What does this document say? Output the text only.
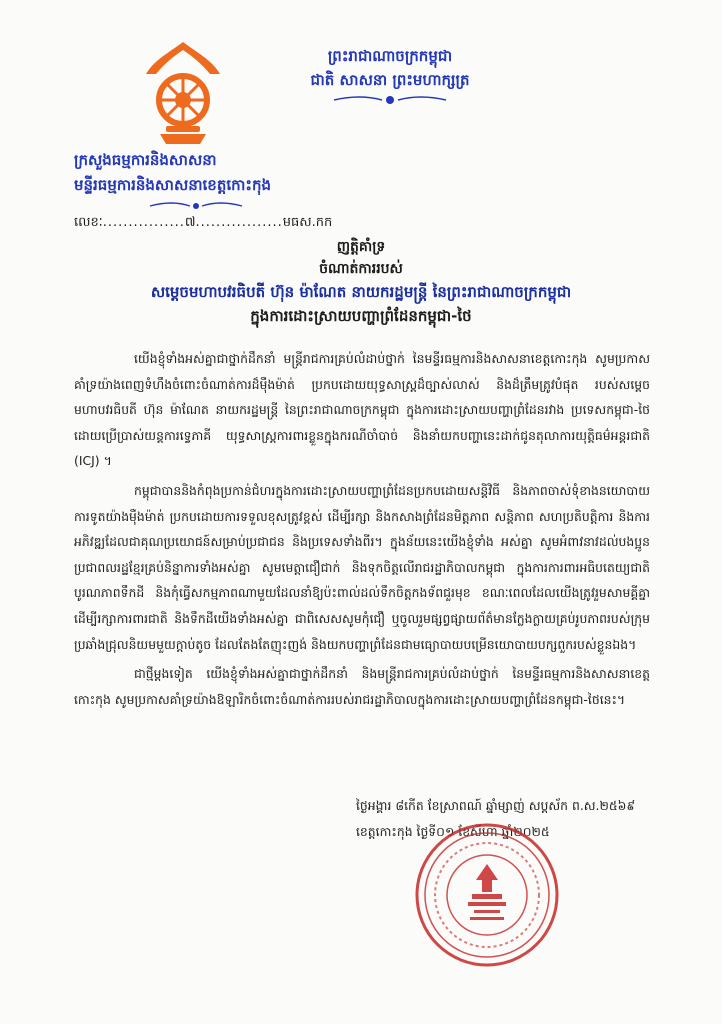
ព្រះរាជាណាចក្រកម្ពុជា
ជាតិ សាសនា ព្រះមហាក្សត្រ
ក្រសួងធម្មការនិងសាសនា
មន្ទីរធម្មការនិងសាសនាខេត្តកោះកុង
លេខៈ................៧.................មធស.កក
ញត្តិគាំទ្រ
ចំណាត់ការរបស់
សម្តេចមហាបវរធិបតី ហ៊ុន ម៉ាណែត នាយករដ្ឋមន្ត្រី នៃព្រះរាជាណាចក្រកម្ពុជា
ក្នុងការដោះស្រាយបញ្ហាព្រំដែនកម្ពុជា-ថៃ

យើងខ្ញុំទាំងអស់គ្នាជាថ្នាក់ដឹកនាំ មន្ត្រីរាជការគ្រប់លំដាប់ថ្នាក់ នៃមន្ទីរធម្មការនិងសាសនាខេត្តកោះកុង សូមប្រកាសគាំទ្រយ៉ាងពេញទំហឹងចំពោះចំណាត់ការដ៏ម៉ឺងម៉ាត់ ប្រកបដោយយុទ្ធសាស្ត្រដ៏ច្បាស់លាស់ និងដ៏ត្រឹមត្រូវបំផុត របស់សម្តេចមហាបវរធិបតី ហ៊ុន ម៉ាណែត នាយករដ្ឋមន្ត្រី នៃព្រះរាជាណាចក្រកម្ពុជា ក្នុងការដោះស្រាយបញ្ហាព្រំដែនរវាង ប្រទេសកម្ពុជា-ថៃ ដោយប្រើប្រាស់យន្តការទ្វេភាគី យុទ្ធសាស្ត្រការពារខ្លួនក្នុងករណីចាំបាច់ និងនាំយកបញ្ហានេះដាក់ជូនតុលាការយុត្តិធម៌អន្តរជាតិ (ICJ) ។

កម្ពុជាបាននិងកំពុងប្រកាន់ជំហរក្នុងការដោះស្រាយបញ្ហាព្រំដែនប្រកបដោយសន្តិវិធី និងភាពចាស់ទុំខាងនយោបាយការទូតយ៉ាងម៉ឺងម៉ាត់ ប្រកបដោយការទទួលខុសត្រូវខ្ពស់ ដើម្បីរក្សា និងកសាងព្រំដែនមិត្តភាព សន្តិភាព សហប្រតិបត្តិការ និងការអភិវឌ្ឍដែលជាគុណប្រយោជន៍សម្រាប់ប្រជាជន និងប្រទេសទាំងពីរ។ ក្នុងន័យនេះយើងខ្ញុំទាំង អស់គ្នា សូមអំពាវនាវដល់បងប្អូនប្រជាពលរដ្ឋខ្មែរគ្រប់និន្នាការទាំងអស់គ្នា សូមមេត្តាជឿជាក់ និងទុកចិត្តលើរាជរដ្ឋាភិបាលកម្ពុជា ក្នុងការការពារអធិបតេយ្យជាតិ បូរណភាពទឹកដី និងកុំធ្វើសកម្មភាពណាមួយដែលនាំឱ្យប៉ះពាល់ដល់ទឹកចិត្តកងទ័ពជួរមុខ ខណៈពេលដែលយើងត្រូវរួមសាមគ្គីគ្នា ដើម្បីរក្សាការពារជាតិ និងទឹកដីយើងទាំងអស់គ្នា ជាពិសេសសូមកុំជឿ ឬចូលរួមផ្សព្វផ្សាយព័ត៌មានក្លែងក្លាយគ្រប់រូបភាពរបស់ក្រុមប្រឆាំងជ្រុលនិយមមួយក្តាប់តូច ដែលតែងតែញុះញង់ និងយកបញ្ហាព្រំដែនជាមធ្យោបាយបម្រើនយោបាយបក្សពួករបស់ខ្លួនឯង។

ជាថ្មីម្តងទៀត យើងខ្ញុំទាំងអស់គ្នាជាថ្នាក់ដឹកនាំ និងមន្ត្រីរាជការគ្រប់លំដាប់ថ្នាក់ នៃមន្ទីរធម្មការនិងសាសនាខេត្តកោះកុង សូមប្រកាសគាំទ្រយ៉ាងឱឡារិកចំពោះចំណាត់ការរបស់រាជរដ្ឋាភិបាលក្នុងការដោះស្រាយបញ្ហាព្រំដែនកម្ពុជា-ថៃនេះ។

ថ្ងៃអង្គារ ៨កើត ខែស្រាពណ៍ ឆ្នាំម្សាញ់ សប្តស័ក ព.ស.២៥៦៩
ខេត្តកោះកុង ថ្ងៃទី០១ ខែសីហា ឆ្នាំ២០២៥
